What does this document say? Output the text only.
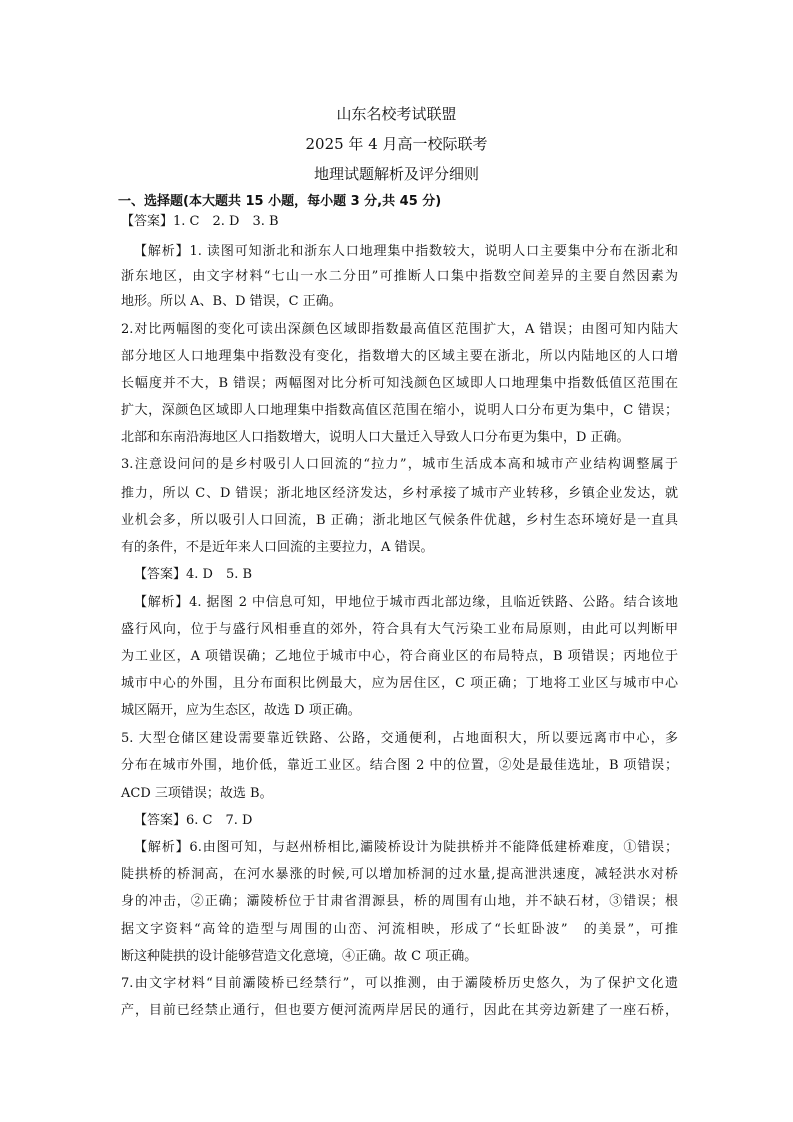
山东名校考试联盟
2025 年 4 月高一校际联考
地理试题解析及评分细则
一、选择题(本大题共 15 小题，每小题 3 分,共 45 分)
【答案】1. C　2. D　3. B
【解析】1. 读图可知浙北和浙东人口地理集中指数较大，说明人口主要集中分布在浙北和
浙东地区，由文字材料“七山一水二分田”可推断人口集中指数空间差异的主要自然因素为
地形。所以 A、B、D 错误，C 正确。
2.对比两幅图的变化可读出深颜色区域即指数最高值区范围扩大，A 错误；由图可知内陆大
部分地区人口地理集中指数没有变化，指数增大的区域主要在浙北，所以内陆地区的人口增
长幅度并不大，B 错误；两幅图对比分析可知浅颜色区域即人口地理集中指数低值区范围在
扩大，深颜色区域即人口地理集中指数高值区范围在缩小，说明人口分布更为集中，C 错误；
北部和东南沿海地区人口指数增大，说明人口大量迁入导致人口分布更为集中，D 正确。
3.注意设问问的是乡村吸引人口回流的“拉力”，城市生活成本高和城市产业结构调整属于
推力，所以 C、D 错误；浙北地区经济发达，乡村承接了城市产业转移，乡镇企业发达，就
业机会多，所以吸引人口回流，B 正确；浙北地区气候条件优越，乡村生态环境好是一直具
有的条件，不是近年来人口回流的主要拉力，A 错误。
【答案】4. D　5. B
【解析】4. 据图 2 中信息可知，甲地位于城市西北部边缘，且临近铁路、公路。结合该地
盛行风向，位于与盛行风相垂直的郊外，符合具有大气污染工业布局原则，由此可以判断甲
为工业区，A 项错误确；乙地位于城市中心，符合商业区的布局特点，B 项错误；丙地位于
城市中心的外围，且分布面积比例最大，应为居住区，C 项正确；丁地将工业区与城市中心
城区隔开，应为生态区，故选 D 项正确。
5. 大型仓储区建设需要靠近铁路、公路，交通便利，占地面积大，所以要远离市中心，多
分布在城市外围，地价低，靠近工业区。结合图 2 中的位置，②处是最佳选址，B 项错误；
ACD 三项错误；故选 B。
【答案】6. C　7. D
【解析】6.由图可知，与赵州桥相比,灞陵桥设计为陡拱桥并不能降低建桥难度，①错误；
陡拱桥的桥洞高，在河水暴涨的时候,可以增加桥洞的过水量,提高泄洪速度，减轻洪水对桥
身的冲击，②正确；灞陵桥位于甘肃省渭源县，桥的周围有山地，并不缺石材，③错误；根
据文字资料“高耸的造型与周围的山峦、河流相映，形成了“长虹卧波”　的美景”，可推
断这种陡拱的设计能够营造文化意境，④正确。故 C 项正确。
7.由文字材料“目前灞陵桥已经禁行”，可以推测，由于灞陵桥历史悠久，为了保护文化遗
产，目前已经禁止通行，但也要方便河流两岸居民的通行，因此在其旁边新建了一座石桥，
